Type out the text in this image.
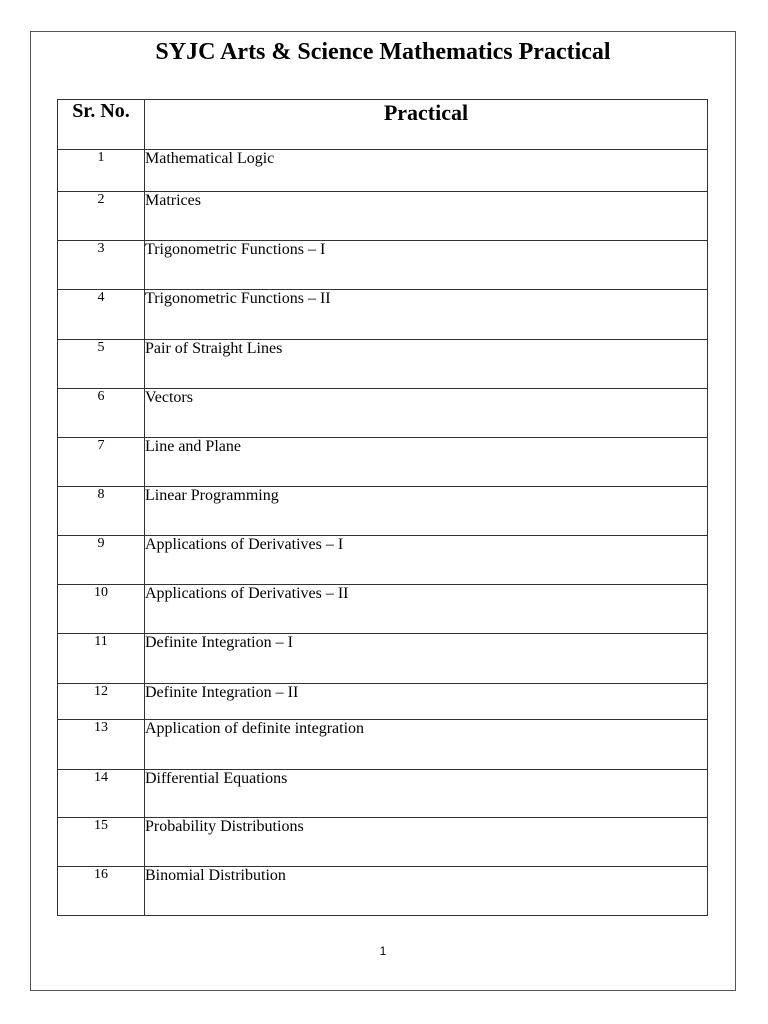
SYJC Arts & Science Mathematics Practical
Sr. No.	Practical
1	Mathematical Logic
2	Matrices
3	Trigonometric Functions – I
4	Trigonometric Functions – II
5	Pair of Straight Lines
6	Vectors
7	Line and Plane
8	Linear Programming
9	Applications of Derivatives – I
10	Applications of Derivatives – II
11	Definite Integration – I
12	Definite Integration – II
13	Application of definite integration
14	Differential Equations
15	Probability Distributions
16	Binomial Distribution
1
